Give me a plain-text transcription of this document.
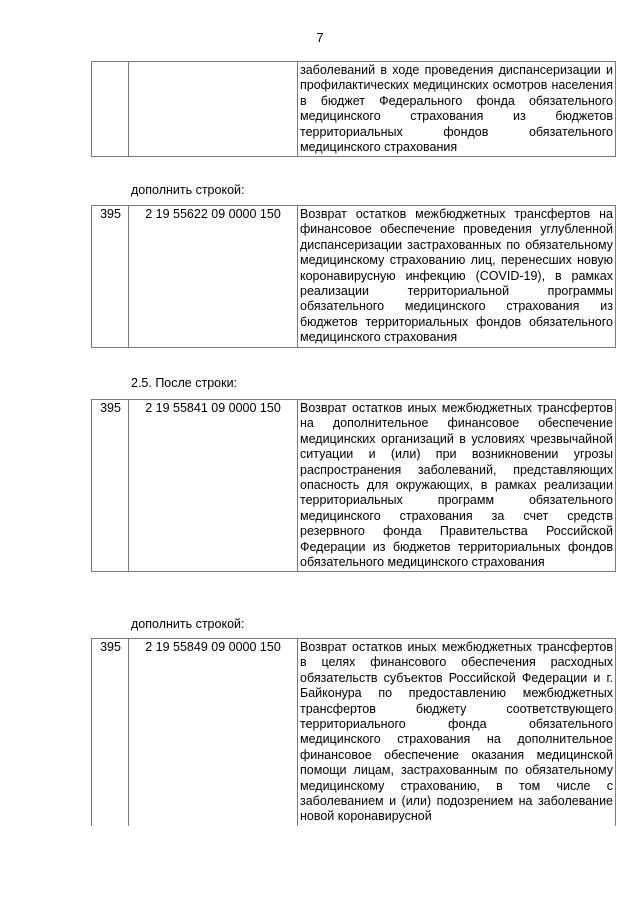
7
		заболеваний в ходе проведения диспансеризации и профилактических медицинских осмотров населения в бюджет Федерального фонда обязательного медицинского страхования из бюджетов территориальных фондов обязательного медицинского страхования
дополнить строкой:
395	2 19 55622 09 0000 150	Возврат остатков межбюджетных трансфертов на финансовое обеспечение проведения углубленной диспансеризации застрахованных по обязательному медицинскому страхованию лиц, перенесших новую коронавирусную инфекцию (COVID-19), в рамках реализации территориальной программы обязательного медицинского страхования из бюджетов территориальных фондов обязательного медицинского страхования
2.5. После строки:
395	2 19 55841 09 0000 150	Возврат остатков иных межбюджетных трансфертов на дополнительное финансовое обеспечение медицинских организаций в условиях чрезвычайной ситуации и (или) при возникновении угрозы распространения заболеваний, представляющих опасность для окружающих, в рамках реализации территориальных программ обязательного медицинского страхования за счет средств резервного фонда Правительства Российской Федерации из бюджетов территориальных фондов обязательного медицинского страхования
дополнить строкой:
395	2 19 55849 09 0000 150	Возврат остатков иных межбюджетных трансфертов в целях финансового обеспечения расходных обязательств субъектов Российской Федерации и г. Байконура по предоставлению межбюджетных трансфертов бюджету соответствующего территориального фонда обязательного медицинского страхования на дополнительное финансовое обеспечение оказания медицинской помощи лицам, застрахованным по обязательному медицинскому страхованию, в том числе с заболеванием и (или) подозрением на заболевание новой коронавирусной
